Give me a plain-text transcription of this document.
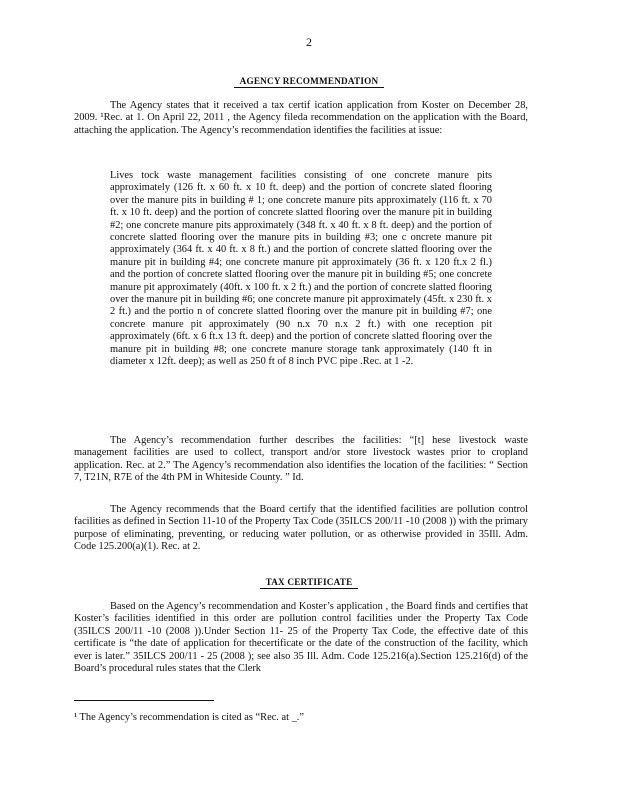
2
AGENCY RECOMMENDATION

The Agency states that it received a tax certif ication application from Koster on December 28, 2009. ¹Rec. at 1. On April 22, 2011 , the Agency fileda recommendation on the application with the Board, attaching the application. The Agency’s recommendation identifies the facilities at issue:

Lives tock waste management facilities consisting of one concrete manure pits approximately (126 ft. x 60 ft. x 10 ft. deep) and the portion of concrete slated flooring over the manure pits in building # 1; one concrete manure pits approximately (116 ft. x 70 ft. x 10 ft. deep) and the portion of concrete slatted flooring over the manure pit in building #2; one concrete manure pits approximately (348 ft. x 40 ft. x 8 ft. deep) and the portion of concrete slatted flooring over the manure pits in building #3; one c oncrete manure pit approximately (364 ft. x 40 ft. x 8 ft.) and the portion of concrete slatted flooring over the manure pit in building #4; one concrete manure pit approximately (36 ft. x 120 ft.x 2 fl.) and the portion of concrete slatted flooring over the manure pit in building #5; one concrete manure pit approximately (40ft. x 100 ft. x 2 ft.) and the portion of concrete slatted flooring over the manure pit in building #6; one concrete manure pit approximately (45ft. x 230 ft. x 2 ft.) and the portio n of concrete slatted flooring over the manure pit in building #7; one concrete manure pit approximately (90 n.x 70 n.x 2 ft.) with one reception pit approximately (6ft. x 6 ft.x 13 ft. deep) and the portion of concrete slatted flooring over the manure pit in building #8; one concrete manure storage tank approximately (140 ft in diameter x 12ft. deep); as well as 250 ft of 8 inch PVC pipe .Rec. at 1 -2.

The Agency’s recommendation further describes the facilities: “[t] hese livestock waste management facilities are used to collect, transport and/or store livestock wastes prior to cropland application. Rec. at 2.” The Agency’s recommendation also identifies the location of the facilities: “ Section 7, T21N, R7E of the 4th PM in Whiteside County. ” Id.

The Agency recommends that the Board certify that the identified facilities are pollution control facilities as defined in Section 11-10 of the Property Tax Code (35ILCS 200/11 -10 (2008 )) with the primary purpose of eliminating, preventing, or reducing water pollution, or as otherwise provided in 35Ill. Adm. Code 125.200(a)(1). Rec. at 2.

TAX CERTIFICATE

Based on the Agency’s recommendation and Koster’s application , the Board finds and certifies that Koster’s facilities identified in this order are pollution control facilities under the Property Tax Code (35ILCS 200/11 -10 (2008 )).Under Section 11- 25 of the Property Tax Code, the effective date of this certificate is “the date of application for thecertificate or the date of the construction of the facility, which ever is later.” 35ILCS 200/11 - 25 (2008 ); see also 35 Ill. Adm. Code 125.216(a).Section 125.216(d) of the Board’s procedural rules states that the Clerk

¹ The Agency’s recommendation is cited as “Rec. at _.”
